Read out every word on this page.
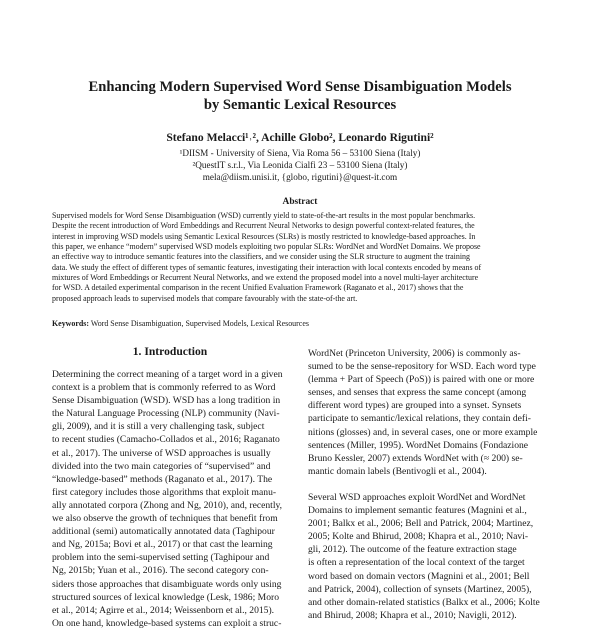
Enhancing Modern Supervised Word Sense Disambiguation Models
by Semantic Lexical Resources
Stefano Melacci¹˒², Achille Globo², Leonardo Rigutini²
¹DIISM - University of Siena, Via Roma 56 – 53100 Siena (Italy)
²QuestIT s.r.l., Via Leonida Cialfi 23 – 53100 Siena (Italy)
mela@diism.unisi.it, {globo, rigutini}@quest-it.com
Abstract
Supervised models for Word Sense Disambiguation (WSD) currently yield to state-of-the-art results in the most popular benchmarks.
Despite the recent introduction of Word Embeddings and Recurrent Neural Networks to design powerful context-related features, the
interest in improving WSD models using Semantic Lexical Resources (SLRs) is mostly restricted to knowledge-based approaches. In
this paper, we enhance “modern” supervised WSD models exploiting two popular SLRs: WordNet and WordNet Domains. We propose
an effective way to introduce semantic features into the classifiers, and we consider using the SLR structure to augment the training
data. We study the effect of different types of semantic features, investigating their interaction with local contexts encoded by means of
mixtures of Word Embeddings or Recurrent Neural Networks, and we extend the proposed model into a novel multi-layer architecture
for WSD. A detailed experimental comparison in the recent Unified Evaluation Framework (Raganato et al., 2017) shows that the
proposed approach leads to supervised models that compare favourably with the state-of-the art.
Keywords: Word Sense Disambiguation, Supervised Models, Lexical Resources
1. Introduction
Determining the correct meaning of a target word in a given
context is a problem that is commonly referred to as Word
Sense Disambiguation (WSD). WSD has a long tradition in
the Natural Language Processing (NLP) community (Navi-
gli, 2009), and it is still a very challenging task, subject
to recent studies (Camacho-Collados et al., 2016; Raganato
et al., 2017). The universe of WSD approaches is usually
divided into the two main categories of “supervised” and
“knowledge-based” methods (Raganato et al., 2017). The
first category includes those algorithms that exploit manu-
ally annotated corpora (Zhong and Ng, 2010), and, recently,
we also observe the growth of techniques that benefit from
additional (semi) automatically annotated data (Taghipour
and Ng, 2015a; Bovi et al., 2017) or that cast the learning
problem into the semi-supervised setting (Taghipour and
Ng, 2015b; Yuan et al., 2016). The second category con-
siders those approaches that disambiguate words only using
structured sources of lexical knowledge (Lesk, 1986; Moro
et al., 2014; Agirre et al., 2014; Weissenborn et al., 2015).
On one hand, knowledge-based systems can exploit a struc-

WordNet (Princeton University, 2006) is commonly as-
sumed to be the sense-repository for WSD. Each word type
(lemma + Part of Speech (PoS)) is paired with one or more
senses, and senses that express the same concept (among
different word types) are grouped into a synset. Synsets
participate to semantic/lexical relations, they contain defi-
nitions (glosses) and, in several cases, one or more example
sentences (Miller, 1995). WordNet Domains (Fondazione
Bruno Kessler, 2007) extends WordNet with (≈ 200) se-
mantic domain labels (Bentivogli et al., 2004).

Several WSD approaches exploit WordNet and WordNet
Domains to implement semantic features (Magnini et al.,
2001; Balkx et al., 2006; Bell and Patrick, 2004; Martinez,
2005; Kolte and Bhirud, 2008; Khapra et al., 2010; Navi-
gli, 2012). The outcome of the feature extraction stage
is often a representation of the local context of the target
word based on domain vectors (Magnini et al., 2001; Bell
and Patrick, 2004), collection of synsets (Martinez, 2005),
and other domain-related statistics (Balkx et al., 2006; Kolte
and Bhirud, 2008; Khapra et al., 2010; Navigli, 2012).
